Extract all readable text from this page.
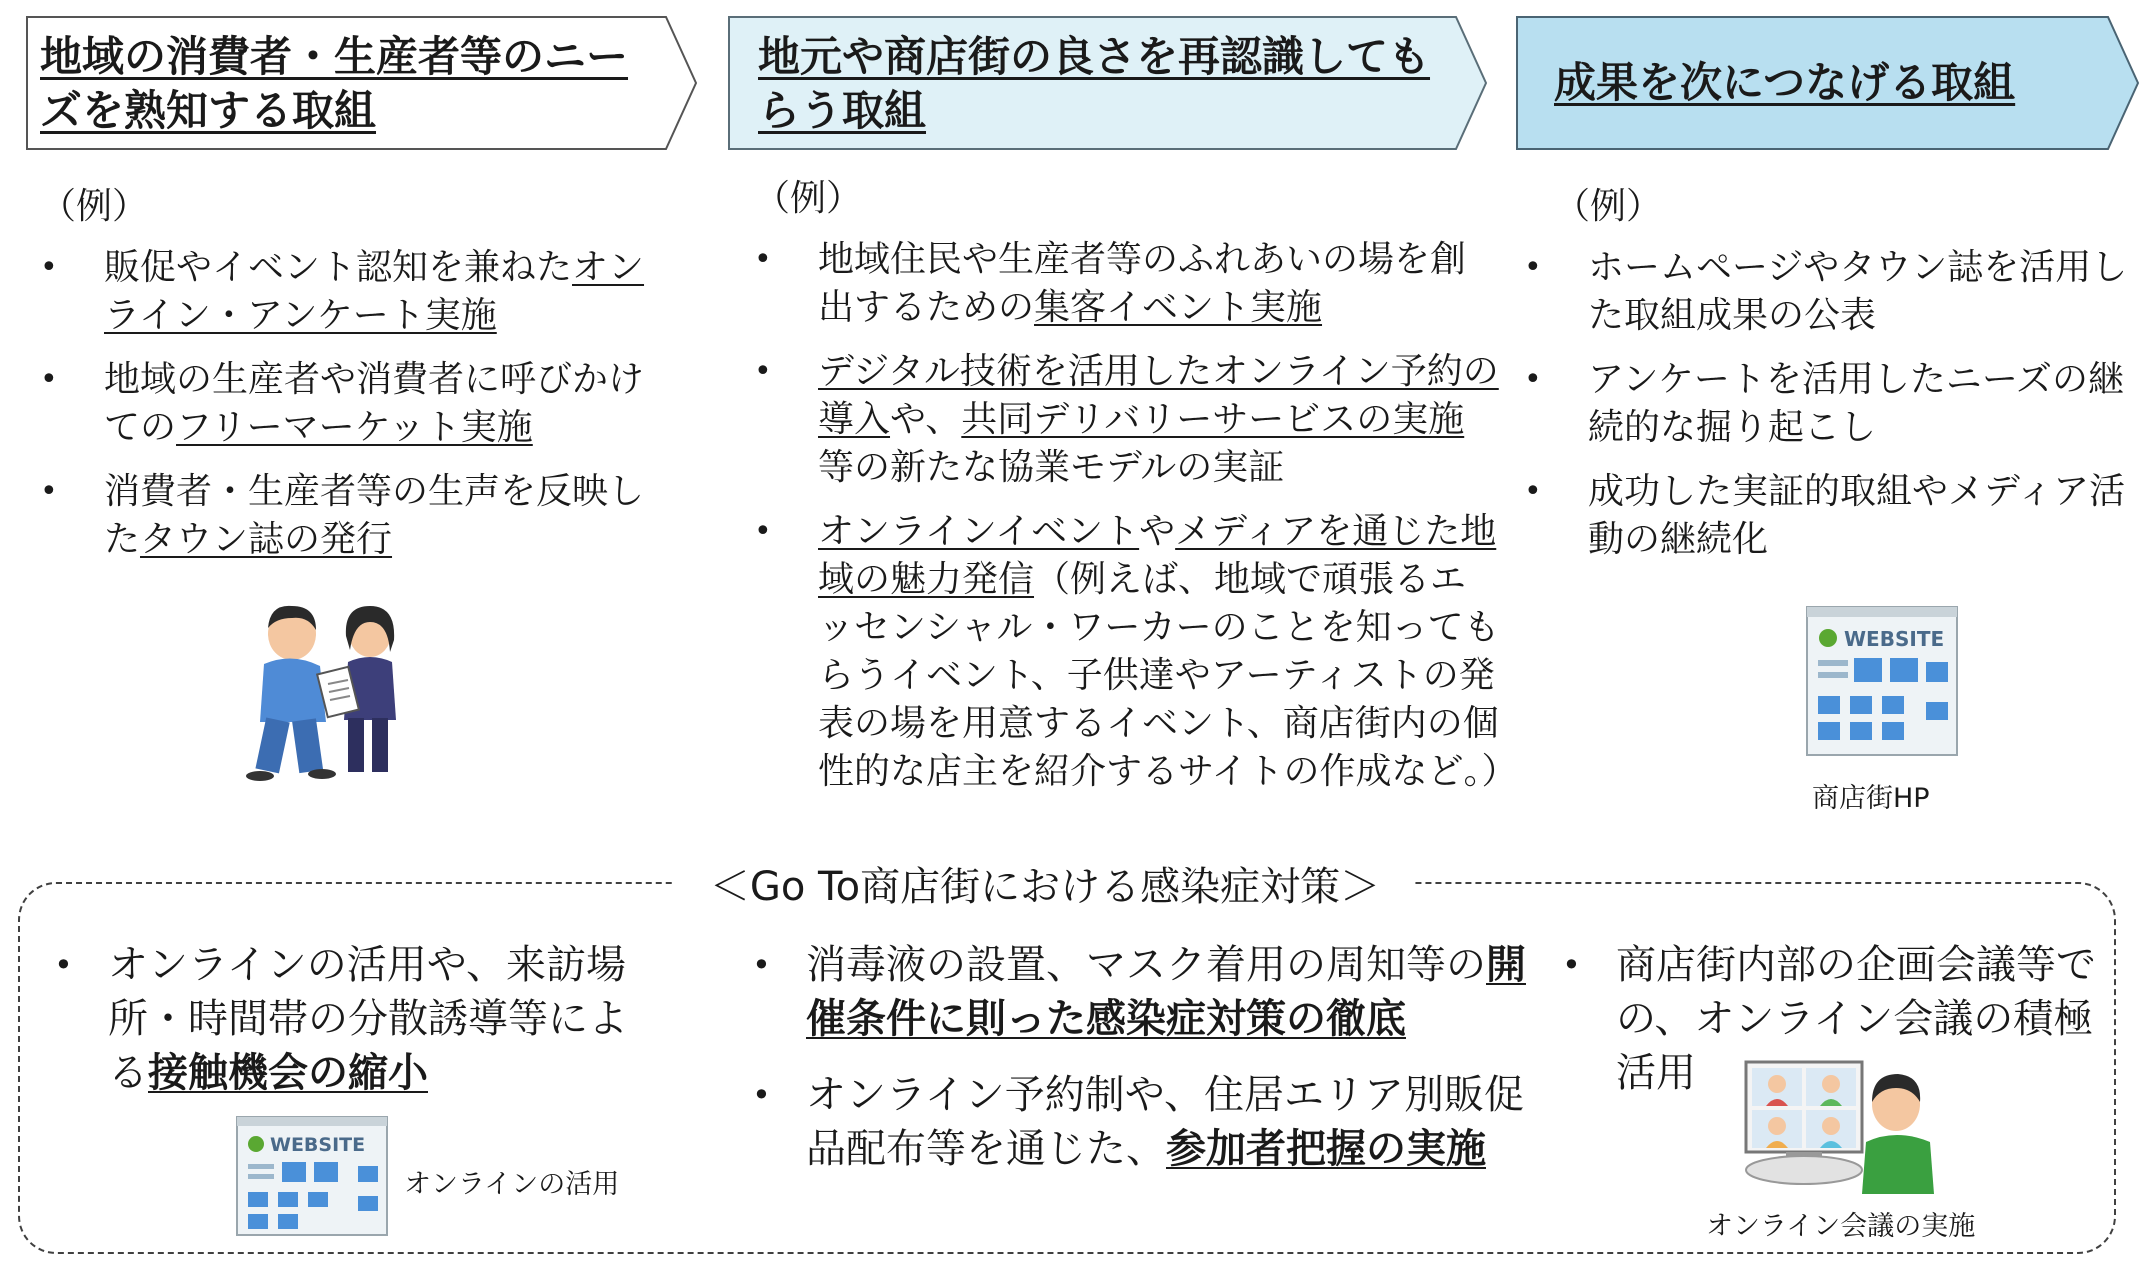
地域の消費者・生産者等のニーズを熟知する取組
地元や商店街の良さを再認識してもらう取組
成果を次につなげる取組
（例）
• 販促やイベント認知を兼ねたオンライン・アンケート実施
• 地域の生産者や消費者に呼びかけてのフリーマーケット実施
• 消費者・生産者等の生声を反映したタウン誌の発行
（例）
• 地域住民や生産者等のふれあいの場を創出するための集客イベント実施
• デジタル技術を活用したオンライン予約の導入や、共同デリバリーサービスの実施等の新たな協業モデルの実証
• オンラインイベントやメディアを通じた地域の魅力発信（例えば、地域で頑張るエッセンシャル・ワーカーのことを知ってもらうイベント、子供達やアーティストの発表の場を用意するイベント、商店街内の個性的な店主を紹介するサイトの作成など。）
（例）
• ホームページやタウン誌を活用した取組成果の公表
• アンケートを活用したニーズの継続的な掘り起こし
• 成功した実証的取組やメディア活動の継続化
WEBSITE
商店街HP
＜Go To商店街における感染症対策＞
• オンラインの活用や、来訪場所・時間帯の分散誘導等による接触機会の縮小
WEBSITE
オンラインの活用
• 消毒液の設置、マスク着用の周知等の開催条件に則った感染症対策の徹底
• オンライン予約制や、住居エリア別販促品配布等を通じた、参加者把握の実施
• 商店街内部の企画会議等での、オンライン会議の積極活用
オンライン会議の実施
